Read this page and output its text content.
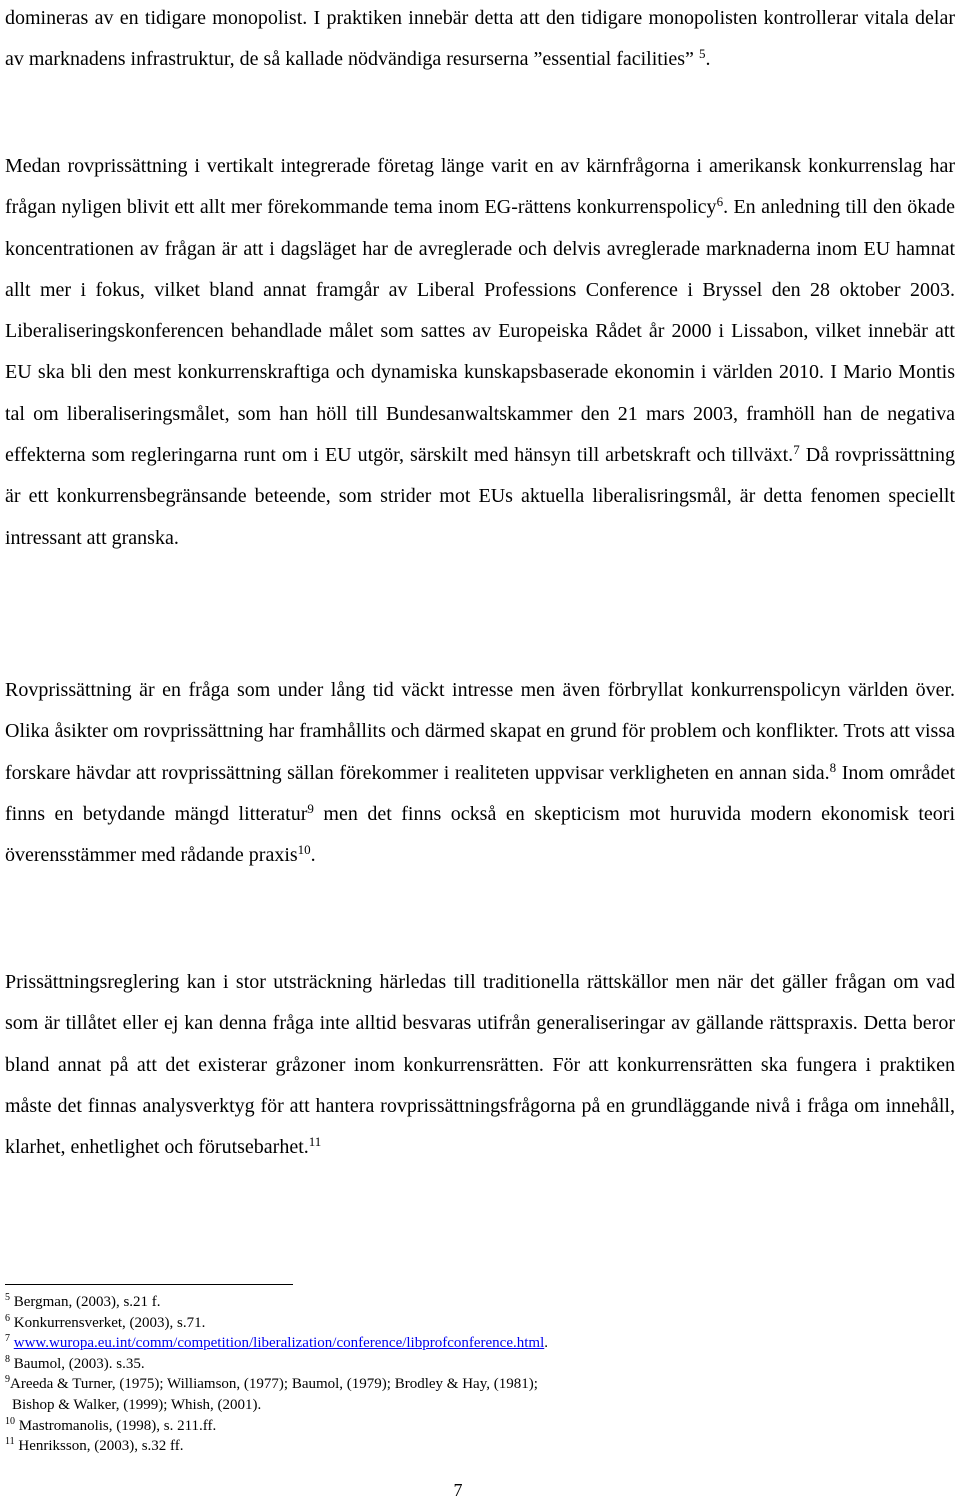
domineras av en tidigare monopolist. I praktiken innebär detta att den tidigare monopolisten kontrollerar vitala delar av marknadens infrastruktur, de så kallade nödvändiga resurserna ”essential facilities” $^5$.

Medan rovprissättning i vertikalt integrerade företag länge varit en av kärnfrågorna i amerikansk konkurrenslag har frågan nyligen blivit ett allt mer förekommande tema inom EG-rättens konkurrenspolicy$^6$. En anledning till den ökade koncentrationen av frågan är att i dagsläget har de avreglerade och delvis avreglerade marknaderna inom EU hamnat allt mer i fokus, vilket bland annat framgår av Liberal Professions Conference i Bryssel den 28 oktober 2003. Liberaliseringskonferencen behandlade målet som sattes av Europeiska Rådet år 2000 i Lissabon, vilket innebär att EU ska bli den mest konkurrenskraftiga och dynamiska kunskapsbaserade ekonomin i världen 2010. I Mario Montis tal om liberaliseringsmålet, som han höll till Bundesanwaltskammer den 21 mars 2003, framhöll han de negativa effekterna som regleringarna runt om i EU utgör, särskilt med hänsyn till arbetskraft och tillväxt.$^7$ Då rovprissättning är ett konkurrensbegränsande beteende, som strider mot EUs aktuella liberalisringsmål, är detta fenomen speciellt intressant att granska.

Rovprissättning är en fråga som under lång tid väckt intresse men även förbryllat konkurrenspolicyn världen över. Olika åsikter om rovprissättning har framhållits och därmed skapat en grund för problem och konflikter. Trots att vissa forskare hävdar att rovprissättning sällan förekommer i realiteten uppvisar verkligheten en annan sida.$^8$ Inom området finns en betydande mängd litteratur$^9$ men det finns också en skepticism mot huruvida modern ekonomisk teori överensstämmer med rådande praxis$^{10}$.

Prissättningsreglering kan i stor utsträckning härledas till traditionella rättskällor men när det gäller frågan om vad som är tillåtet eller ej kan denna fråga inte alltid besvaras utifrån generaliseringar av gällande rättspraxis. Detta beror bland annat på att det existerar gråzoner inom konkurrensrätten. För att konkurrensrätten ska fungera i praktiken måste det finnas analysverktyg för att hantera rovprissättningsfrågorna på en grundläggande nivå i fråga om innehåll, klarhet, enhetlighet och förutsebarhet.$^{11}$

$^5$ Bergman, (2003), s.21 f.

$^6$ Konkurrensverket, (2003), s.71.

$^7$ www.wuropa.eu.int/comm/competition/liberalization/conference/libprofconference.html.

$^8$ Baumol, (2003). s.35.

$^9$Areeda & Turner, (1975); Williamson, (1977); Baumol, (1979); Brodley & Hay, (1981);

Bishop & Walker, (1999); Whish, (2001).

$^{10}$ Mastromanolis, (1998), s. 211.ff.

$^{11}$ Henriksson, (2003), s.32 ff.

7
